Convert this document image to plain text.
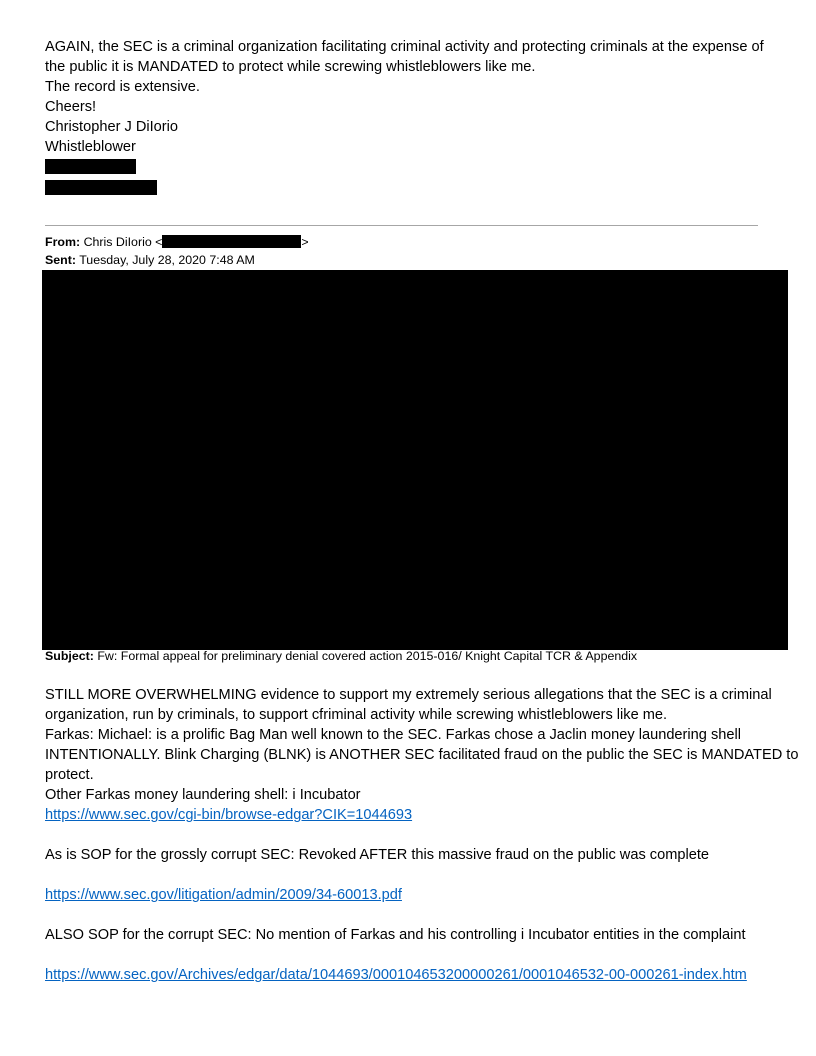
AGAIN, the SEC is a criminal organization facilitating criminal activity and protecting criminals at the expense of
the public it is MANDATED to protect while screwing whistleblowers like me.
The record is extensive.
Cheers!
Christopher J DiIorio
Whistleblower
From: Chris DiIorio <	>
Sent: Tuesday, July 28, 2020 7:48 AM
Subject: Fw: Formal appeal for preliminary denial covered action 2015-016/ Knight Capital TCR & Appendix
STILL MORE OVERWHELMING evidence to support my extremely serious allegations that the SEC is a criminal
organization, run by criminals, to support cfriminal activity while screwing whistleblowers like me.
Farkas: Michael: is a prolific Bag Man well known to the SEC. Farkas chose a Jaclin money laundering shell
INTENTIONALLY. Blink Charging (BLNK) is ANOTHER SEC facilitated fraud on the public the SEC is MANDATED to
protect.
Other Farkas money laundering shell: i Incubator
https://www.sec.gov/cgi-bin/browse-edgar?CIK=1044693
As is SOP for the grossly corrupt SEC: Revoked AFTER this massive fraud on the public was complete
https://www.sec.gov/litigation/admin/2009/34-60013.pdf
ALSO SOP for the corrupt SEC: No mention of Farkas and his controlling i Incubator entities in the complaint
https://www.sec.gov/Archives/edgar/data/1044693/000104653200000261/0001046532-00-000261-index.htm
